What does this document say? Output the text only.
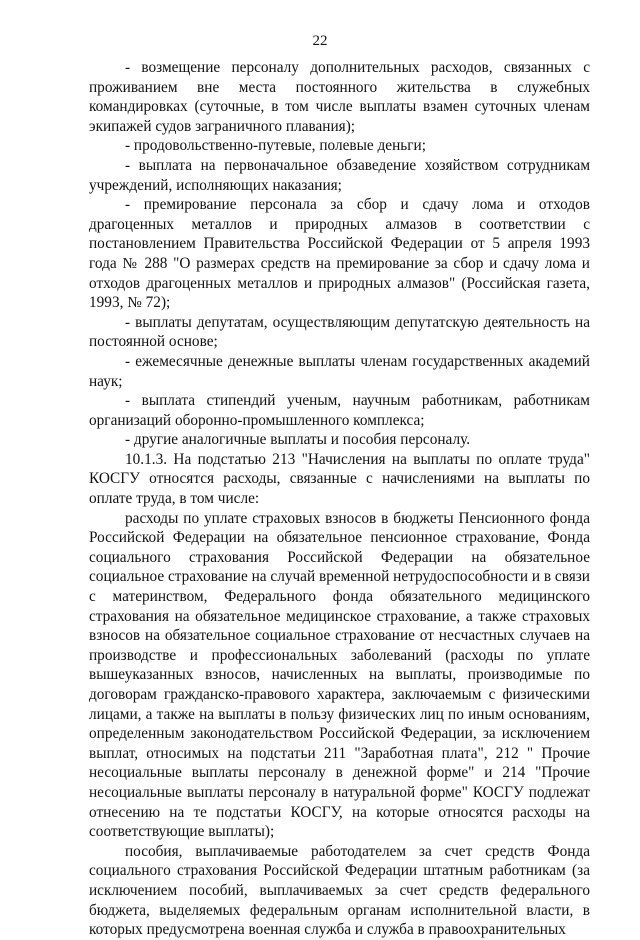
22

- возмещение персоналу дополнительных расходов, связанных с проживанием вне места постоянного жительства в служебных командировках (суточные, в том числе выплаты взамен суточных членам экипажей судов заграничного плавания);

- продовольственно-путевые, полевые деньги;

- выплата на первоначальное обзаведение хозяйством сотрудникам учреждений, исполняющих наказания;

- премирование персонала за сбор и сдачу лома и отходов драгоценных металлов и природных алмазов в соответствии с постановлением Правительства Российской Федерации от 5 апреля 1993 года № 288 "О размерах средств на премирование за сбор и сдачу лома и отходов драгоценных металлов и природных алмазов" (Российская газета, 1993, № 72);

- выплаты депутатам, осуществляющим депутатскую деятельность на постоянной основе;

- ежемесячные денежные выплаты членам государственных академий наук;

- выплата стипендий ученым, научным работникам, работникам организаций оборонно-промышленного комплекса;

- другие аналогичные выплаты и пособия персоналу.

10.1.3. На подстатью 213 "Начисления на выплаты по оплате труда" КОСГУ относятся расходы, связанные с начислениями на выплаты по оплате труда, в том числе:

расходы по уплате страховых взносов в бюджеты Пенсионного фонда Российской Федерации на обязательное пенсионное страхование, Фонда социального страхования Российской Федерации на обязательное социальное страхование на случай временной нетрудоспособности и в связи с материнством, Федерального фонда обязательного медицинского страхования на обязательное медицинское страхование, а также страховых взносов на обязательное социальное страхование от несчастных случаев на производстве и профессиональных заболеваний (расходы по уплате вышеуказанных взносов, начисленных на выплаты, производимые по договорам гражданско-правового характера, заключаемым с физическими лицами, а также на выплаты в пользу физических лиц по иным основаниям, определенным законодательством Российской Федерации, за исключением выплат, относимых на подстатьи 211 "Заработная плата", 212 " Прочие несоциальные выплаты персоналу в денежной форме" и 214 "Прочие несоциальные выплаты персоналу в натуральной форме" КОСГУ подлежат отнесению на те подстатьи КОСГУ, на которые относятся расходы на соответствующие выплаты);

пособия, выплачиваемые работодателем за счет средств Фонда социального страхования Российской Федерации штатным работникам (за исключением пособий, выплачиваемых за счет средств федерального бюджета, выделяемых федеральным органам исполнительной власти, в которых предусмотрена военная служба и служба в правоохранительных
